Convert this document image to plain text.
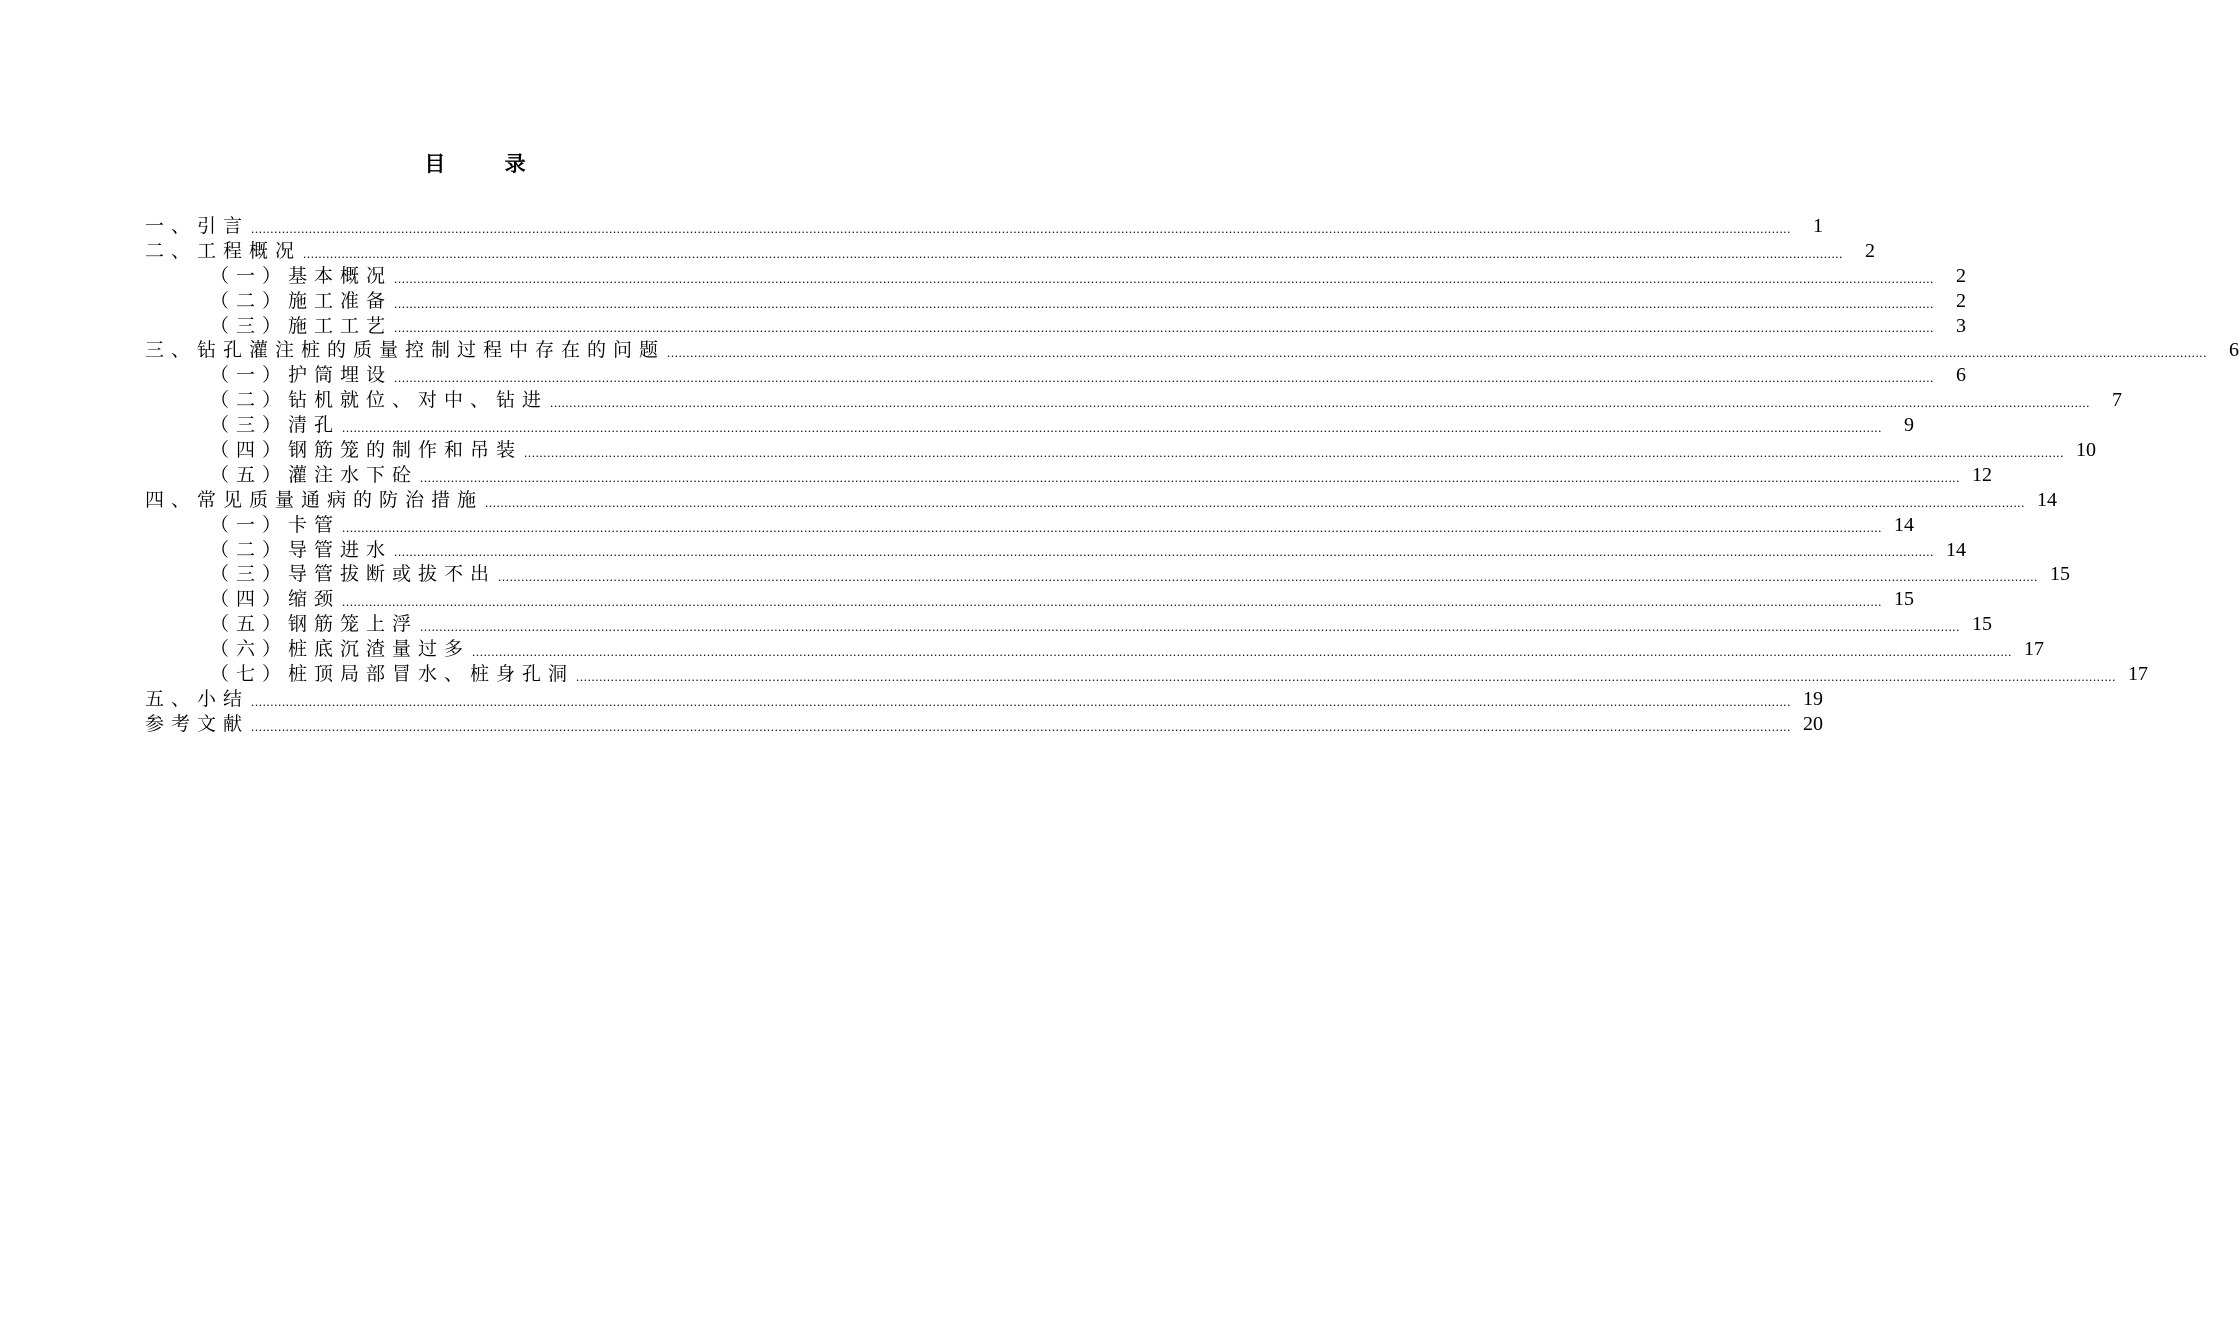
目 录
一、引言 ................................................................................................................................................................................................................................................................................................................................................................................................................	1
二、工程概况 ................................................................................................................................................................................................................................................................................................................................................................................................................	2
（一）基本概况 ................................................................................................................................................................................................................................................................................................................................................................................................................	2
（二）施工准备 ................................................................................................................................................................................................................................................................................................................................................................................................................	2
（三）施工工艺 ................................................................................................................................................................................................................................................................................................................................................................................................................	3
三、钻孔灌注桩的质量控制过程中存在的问题 ................................................................................................................................................................................................................................................................................................................................................................................................................	6
（一）护筒埋设 ................................................................................................................................................................................................................................................................................................................................................................................................................	6
（二）钻机就位、对中、钻进 ................................................................................................................................................................................................................................................................................................................................................................................................................	7
（三）清孔 ................................................................................................................................................................................................................................................................................................................................................................................................................	9
（四）钢筋笼的制作和吊装 ................................................................................................................................................................................................................................................................................................................................................................................................................ 10
（五）灌注水下砼 ................................................................................................................................................................................................................................................................................................................................................................................................................ 12
四、常见质量通病的防治措施 ................................................................................................................................................................................................................................................................................................................................................................................................................ 14
（一）卡管 ................................................................................................................................................................................................................................................................................................................................................................................................................ 14
（二）导管进水 ................................................................................................................................................................................................................................................................................................................................................................................................................ 14
（三）导管拔断或拔不出 ................................................................................................................................................................................................................................................................................................................................................................................................................ 15
（四）缩颈 ................................................................................................................................................................................................................................................................................................................................................................................................................ 15
（五）钢筋笼上浮 ................................................................................................................................................................................................................................................................................................................................................................................................................ 15
（六）桩底沉渣量过多 ................................................................................................................................................................................................................................................................................................................................................................................................................ 17
（七）桩顶局部冒水、桩身孔洞 ................................................................................................................................................................................................................................................................................................................................................................................................................ 17
五、小结 ................................................................................................................................................................................................................................................................................................................................................................................................................ 19
参考文献 ................................................................................................................................................................................................................................................................................................................................................................................................................ 20
